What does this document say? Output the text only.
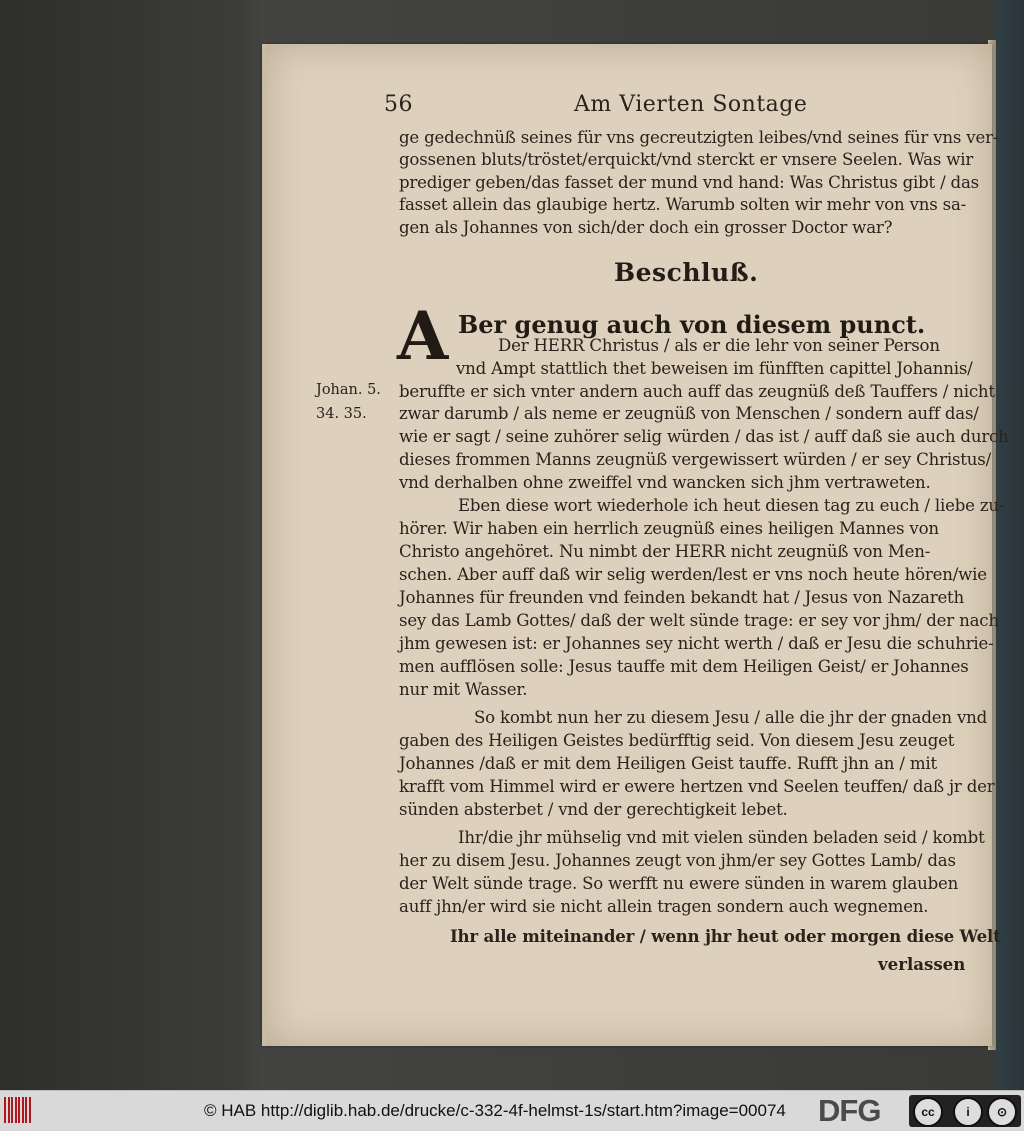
56	Am Vierten Sontage
ge gedechnüß seines für vns gecreutzigten leibes/vnd seines für vns ver-
gossenen bluts/tröstet/erquickt/vnd sterckt er vnsere Seelen. Was wir
prediger geben/das fasset der mund vnd hand: Was Christus gibt / das
fasset allein das glaubige hertz. Warumb solten wir mehr von vns sa-
gen als Johannes von sich/der doch ein grosser Doctor war?
Beschluß.
A Ber genug auch von diesem punct.
Johan. 5.
34. 35.
Der HERR Christus / als er die lehr von seiner Person
vnd Ampt stattlich thet beweisen im fünfften capittel Johannis/
beruffte er sich vnter andern auch auff das zeugnüß deß Tauffers / nicht
zwar darumb / als neme er zeugnüß von Menschen / sondern auff das/
wie er sagt / seine zuhörer selig würden / das ist / auff daß sie auch durch
dieses frommen Manns zeugnüß vergewissert würden / er sey Christus/
vnd derhalben ohne zweiffel vnd wancken sich jhm vertraweten.
Eben diese wort wiederhole ich heut diesen tag zu euch / liebe zu-
hörer. Wir haben ein herrlich zeugnüß eines heiligen Mannes von
Christo angehöret. Nu nimbt der HERR nicht zeugnüß von Men-
schen. Aber auff daß wir selig werden/lest er vns noch heute hören/wie
Johannes für freunden vnd feinden bekandt hat / Jesus von Nazareth
sey das Lamb Gottes/ daß der welt sünde trage: er sey vor jhm/ der nach
jhm gewesen ist: er Johannes sey nicht werth / daß er Jesu die schuhrie-
men aufflösen solle: Jesus tauffe mit dem Heiligen Geist/ er Johannes
nur mit Wasser.
So kombt nun her zu diesem Jesu / alle die jhr der gnaden vnd
gaben des Heiligen Geistes bedürfftig seid. Von diesem Jesu zeuget
Johannes /daß er mit dem Heiligen Geist tauffe. Rufft jhn an / mit
krafft vom Himmel wird er ewere hertzen vnd Seelen teuffen/ daß jr der
sünden absterbet / vnd der gerechtigkeit lebet.
Ihr/die jhr mühselig vnd mit vielen sünden beladen seid / kombt
her zu disem Jesu. Johannes zeugt von jhm/er sey Gottes Lamb/ das
der Welt sünde trage. So werfft nu ewere sünden in warem glauben
auff jhn/er wird sie nicht allein tragen sondern auch wegnemen.
Ihr alle miteinander / wenn jhr heut oder morgen diese Welt
verlassen
© HAB http://diglib.hab.de/drucke/c-332-4f-helmst-1s/start.htm?image=00074 DFG	cc	i	⊙
BY	SA
